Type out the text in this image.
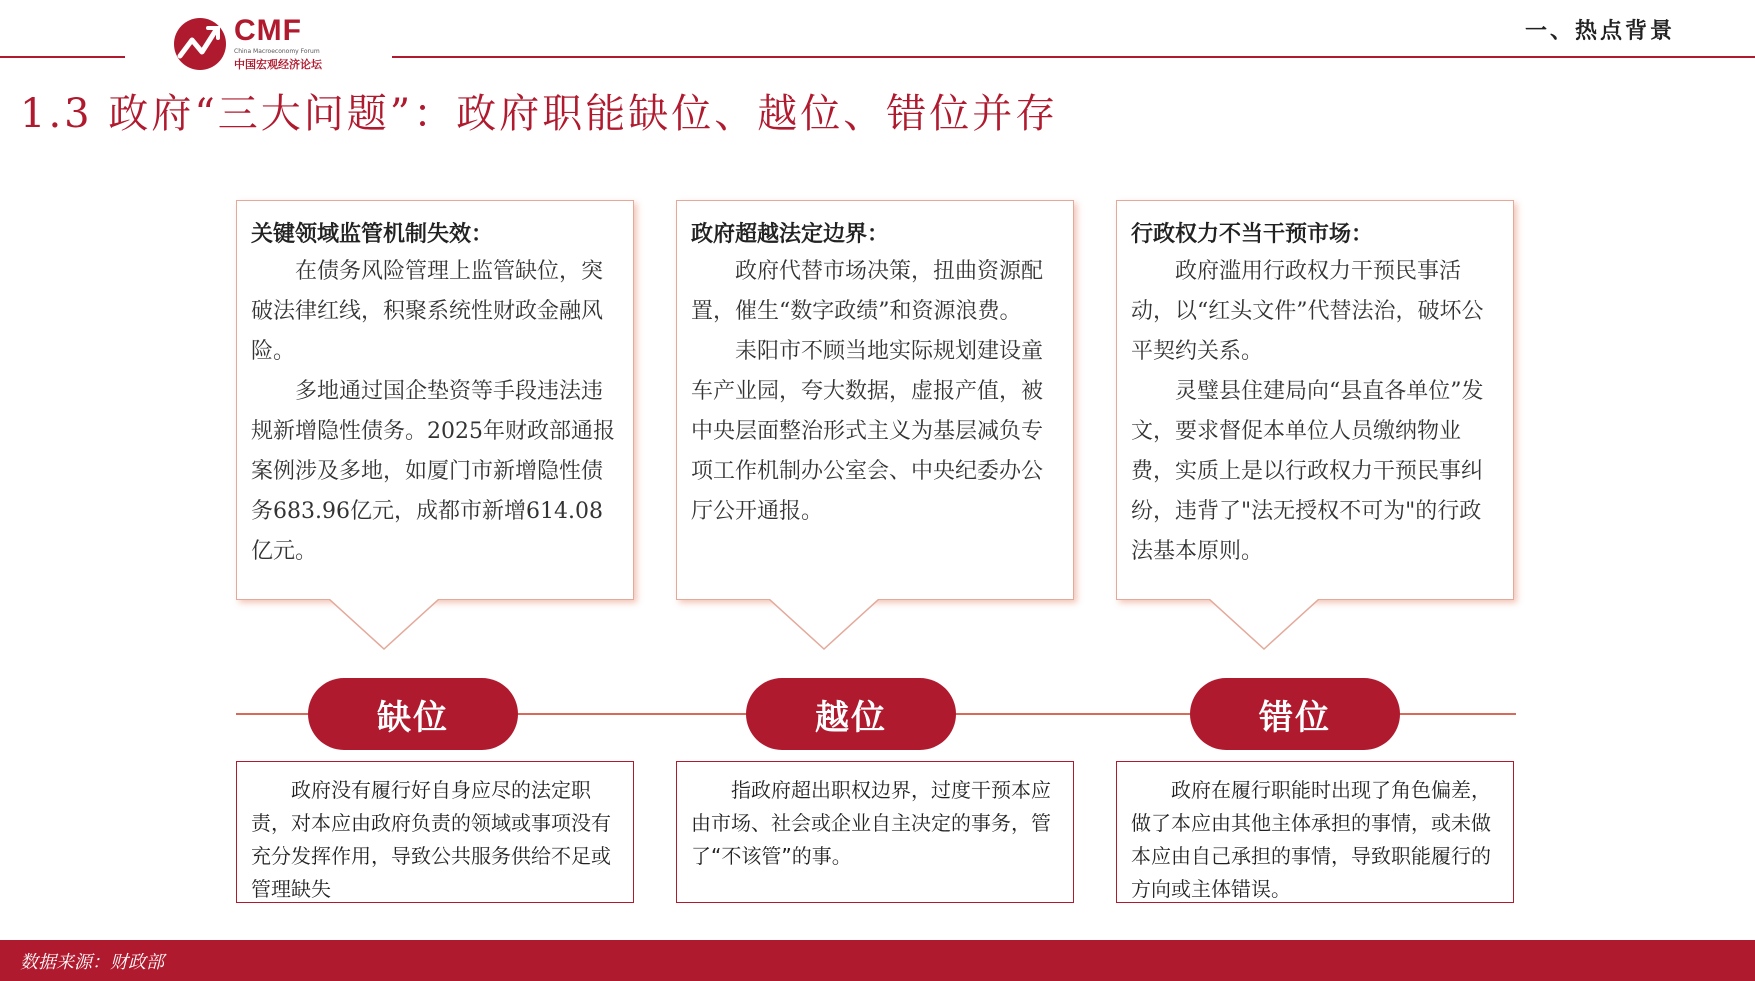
CMF
China Macroeconomy Forum
中国宏观经济论坛
一、热点背景
1.3 政府“三大问题”：政府职能缺位、越位、错位并存
关键领域监管机制失效：

在债务风险管理上监管缺位，突破法律红线，积聚系统性财政金融风险。

多地通过国企垫资等手段违法违规新增隐性债务。2025年财政部通报案例涉及多地，如厦门市新增隐性债务683.96亿元，成都市新增614.08亿元。

政府超越法定边界：

政府代替市场决策，扭曲资源配置，催生“数字政绩”和资源浪费。

耒阳市不顾当地实际规划建设童车产业园，夸大数据，虚报产值，被中央层面整治形式主义为基层减负专项工作机制办公室会、中央纪委办公厅公开通报。

行政权力不当干预市场：

政府滥用行政权力干预民事活动，以“红头文件”代替法治，破坏公平契约关系。

灵璧县住建局向“县直各单位”发文，要求督促本单位人员缴纳物业费，实质上是以行政权力干预民事纠纷，违背了"法无授权不可为"的行政法基本原则。

缺位	越位	错位

政府没有履行好自身应尽的法定职责，对本应由政府负责的领域或事项没有充分发挥作用，导致公共服务供给不足或管理缺失

指政府超出职权边界，过度干预本应由市场、社会或企业自主决定的事务，管了“不该管”的事。

政府在履行职能时出现了角色偏差，做了本应由其他主体承担的事情，或未做本应由自己承担的事情，导致职能履行的方向或主体错误。

数据来源：财政部
